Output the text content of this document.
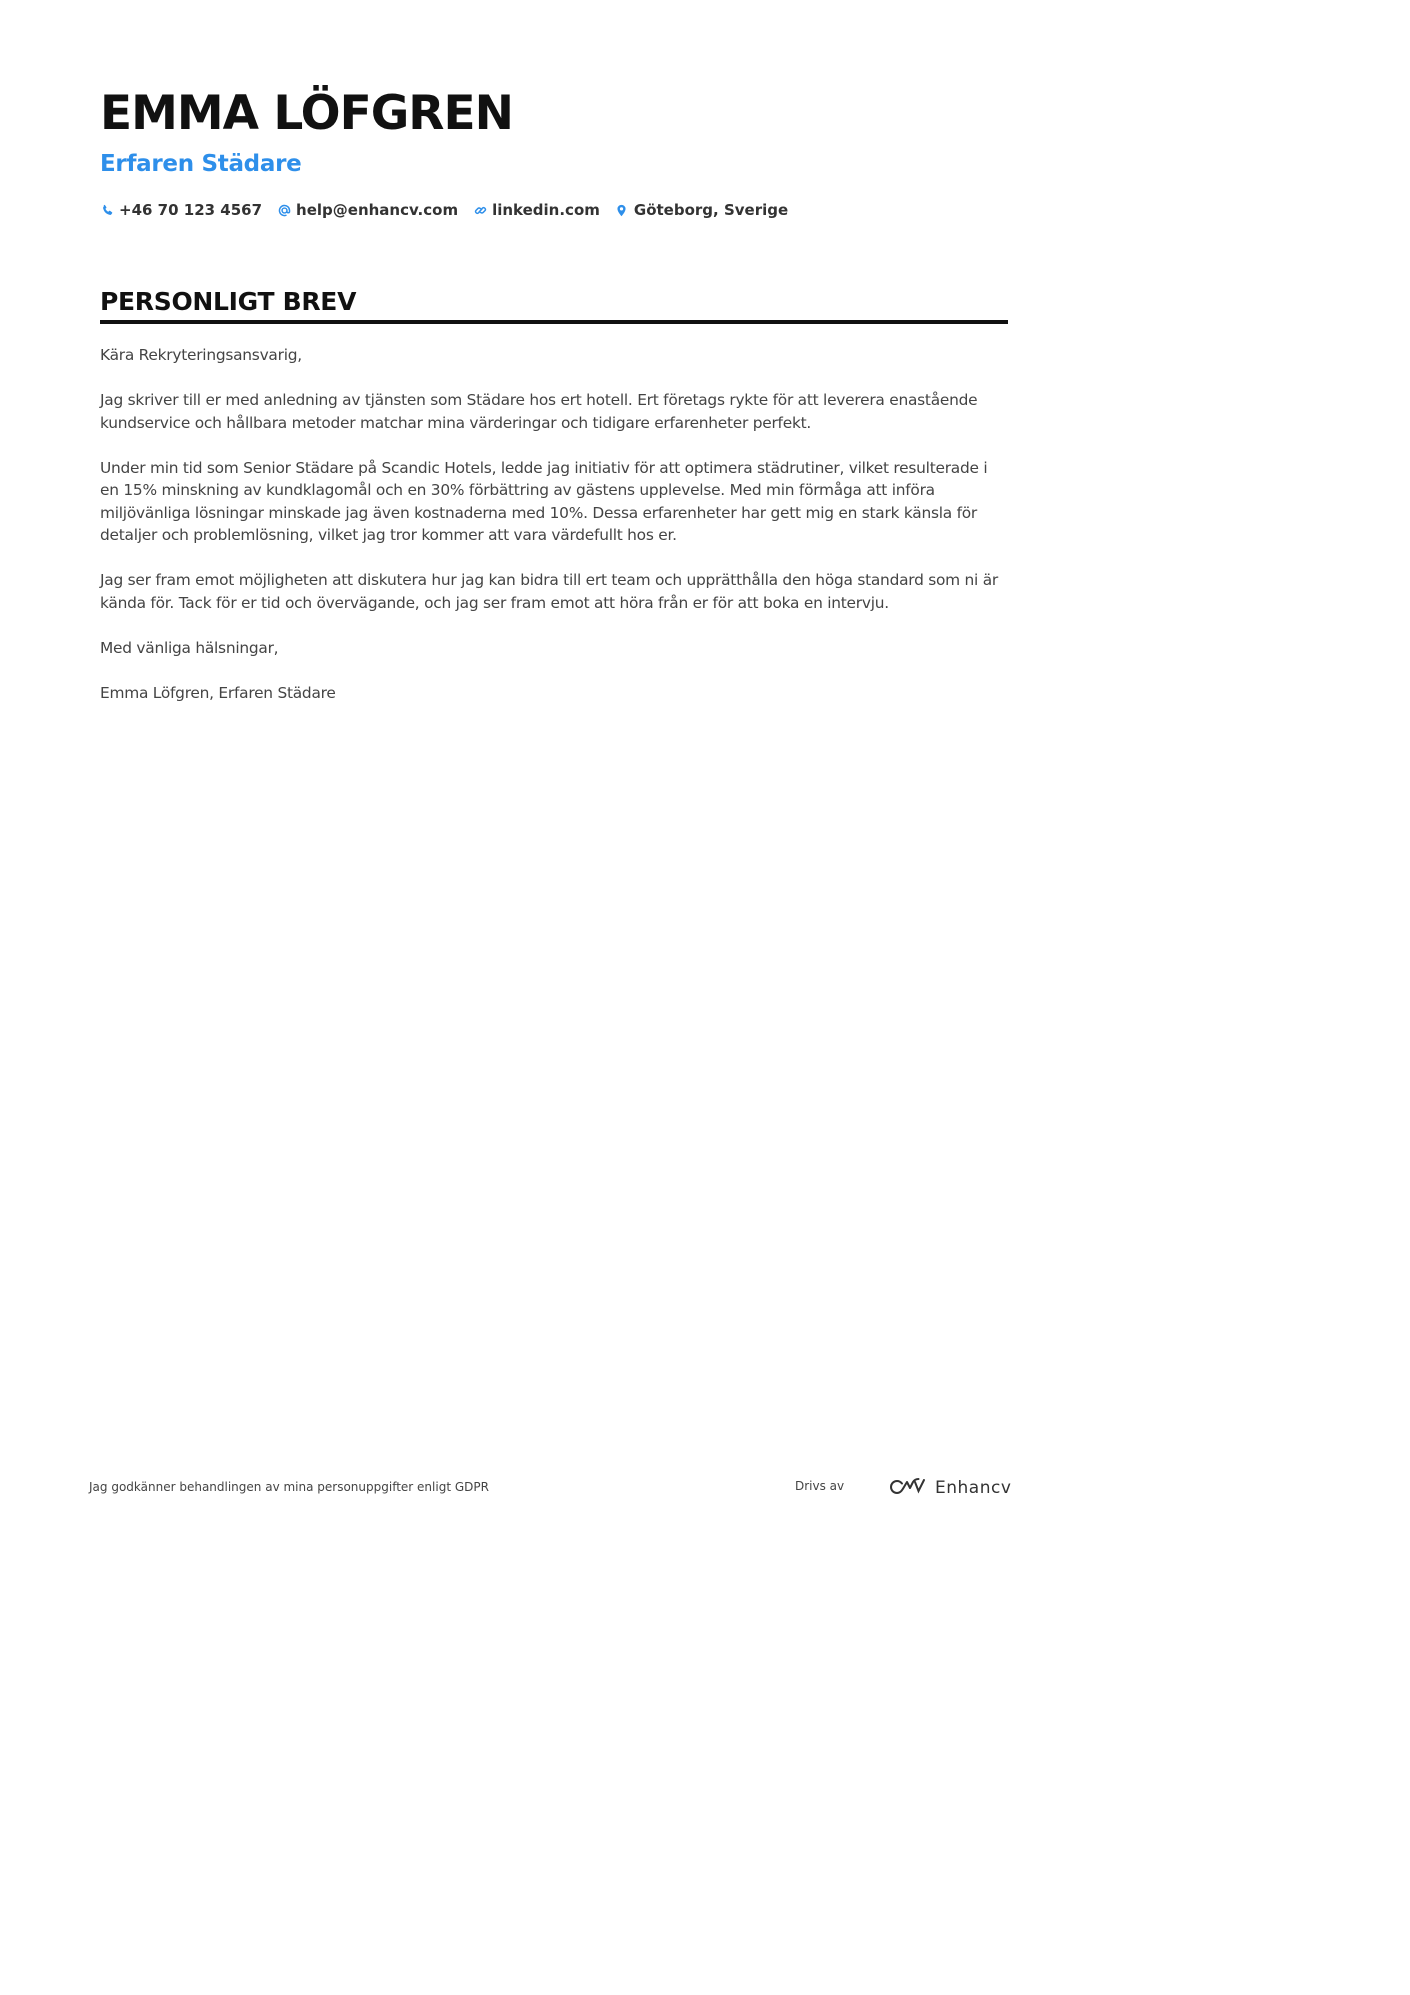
EMMA LÖFGREN
Erfaren Städare
+46 70 123 4567 help@enhancv.com linkedin.com Göteborg, Sverige
PERSONLIGT BREV

Kära Rekryteringsansvarig,

Jag skriver till er med anledning av tjänsten som Städare hos ert hotell. Ert företags rykte för att leverera enastående kundservice och hållbara metoder matchar mina värderingar och tidigare erfarenheter perfekt.

Under min tid som Senior Städare på Scandic Hotels, ledde jag initiativ för att optimera städrutiner, vilket resulterade i en 15% minskning av kundklagomål och en 30% förbättring av gästens upplevelse. Med min förmåga att införa miljövänliga lösningar minskade jag även kostnaderna med 10%. Dessa erfarenheter har gett mig en stark känsla för detaljer och problemlösning, vilket jag tror kommer att vara värdefullt hos er.

Jag ser fram emot möjligheten att diskutera hur jag kan bidra till ert team och upprätthålla den höga standard som ni är kända för. Tack för er tid och övervägande, och jag ser fram emot att höra från er för att boka en intervju.

Med vänliga hälsningar,

Emma Löfgren, Erfaren Städare

Jag godkänner behandlingen av mina personuppgifter enligt GDPR	Drivs av	Enhancv
